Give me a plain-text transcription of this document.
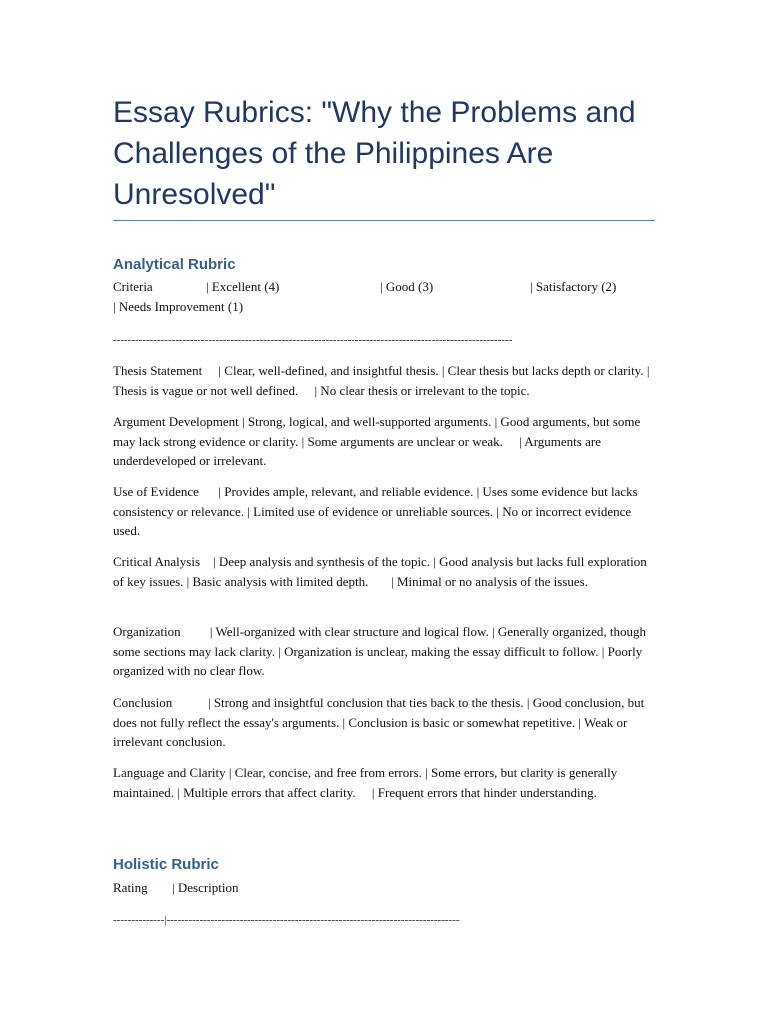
Essay Rubrics: "Why the Problems and Challenges of the Philippines Are Unresolved"
Analytical Rubric
Criteria	| Excellent (4)	| Good (3)	| Satisfactory (2)
| Needs Improvement (1)
-------------------------------------------------------------------------------------------------------------

Thesis Statement     | Clear, well-defined, and insightful thesis. | Clear thesis but lacks depth or clarity. | Thesis is vague or not well defined.     | No clear thesis or irrelevant to the topic.

Argument Development | Strong, logical, and well-supported arguments. | Good arguments, but some may lack strong evidence or clarity. | Some arguments are unclear or weak.     | Arguments are underdeveloped or irrelevant.

Use of Evidence      | Provides ample, relevant, and reliable evidence. | Uses some evidence but lacks consistency or relevance. | Limited use of evidence or unreliable sources. | No or incorrect evidence used.

Critical Analysis    | Deep analysis and synthesis of the topic. | Good analysis but lacks full exploration of key issues. | Basic analysis with limited depth.       | Minimal or no analysis of the issues.

Organization         | Well-organized with clear structure and logical flow. | Generally organized, though some sections may lack clarity. | Organization is unclear, making the essay difficult to follow. | Poorly organized with no clear flow.

Conclusion           | Strong and insightful conclusion that ties back to the thesis. | Good conclusion, but does not fully reflect the essay's arguments. | Conclusion is basic or somewhat repetitive. | Weak or irrelevant conclusion.

Language and Clarity | Clear, concise, and free from errors. | Some errors, but clarity is generally maintained. | Multiple errors that affect clarity.     | Frequent errors that hinder understanding.

Holistic Rubric
Rating | Description
--------------|--------------------------------------------------------------------------------
